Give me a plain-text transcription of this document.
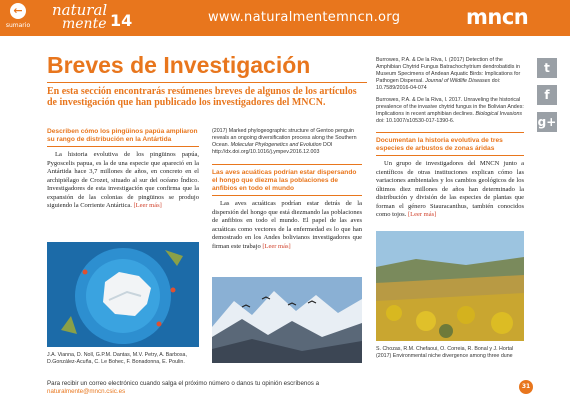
←
sumario
natural
mente 14	www.naturalmentemncn.org	mncn
t
f
g+
Breves de Investigación
En esta sección encontrarás resúmenes breves de algunos de los artículos de investigación que han publicado los investigadores del MNCN.
Describen cómo los pingüinos papúa ampliaron su rango de distribución en la Antártida
La historia evolutiva de los pingüinos papúa, Pygoscelis papua, es la de una especie que apareció en la Antártida hace 3,7 millones de años, en concreto en el archipiélago de Crozet, situado al sur del océano Índico. Investigadores de esta investigación que confirma que la expansión de las colonias de pingüinos se produjo siguiendo la Corriente Antártica. [Leer más]
J.A. Vianna, D. Noll, G.P.M. Dantas, M.V. Petry, A. Barbosa, D.González-Acuña, C. Le Bohec, F. Bonadonna, E. Poulin.
(2017) Marked phylogeographic structure of Gentoo penguin reveals an ongoing diversification process along the Southern Ocean. Molecular Phylogenetics and Evolution DOI http://dx.doi.org/10.1016/j.ympev.2016.12.003
Las aves acuáticas podrían estar dispersando el hongo que diezma las poblaciones de anfibios en todo el mundo
Las aves acuáticas podrían estar detrás de la dispersión del hongo que está diezmando las poblaciones de anfibios en todo el mundo. El papel de las aves acuáticas como vectores de la enfermedad es lo que han demostrado en los Andes bolivianos investigadores que firman este trabajo [Leer más]
Burrowes, P.A. & De la Riva, I. (2017) Detection of the Amphibian Chytrid Fungus Batrachochytrium dendrobatidis in Museum Specimens of Andean Aquatic Birds: Implications for Pathogen Dispersal. Journal of Wildlife Diseases doi: 10.7589/2016-04-074
Burrowes, P.A. & De la Riva, I. 2017. Unraveling the historical prevalence of the invasive chytrid fungus in the Bolivian Andes: Implications in recent amphibian declines. Biological Invasions doi: 10.1007/s10530-017-1390-6.
Documentan la historia evolutiva de tres especies de arbustos de zonas áridas
Un grupo de investigadores del MNCN junto a científicos de otras instituciones explican cómo las variaciones ambientales y los cambios geológicos de los últimos diez millones de años han determinado la distribución y división de las especies de plantas que forman el género Stauracanthus, también conocidos como tojos. [Leer más]
S. Chozas, R.M. Chefaoui, O. Correia, R. Bonal y J. Hortal (2017) Environmental niche divergence among three dune
Para recibir un correo electrónico cuando salga el próximo número o danos tu opinión escríbenos a naturalmente@mncn.csic.es
31
